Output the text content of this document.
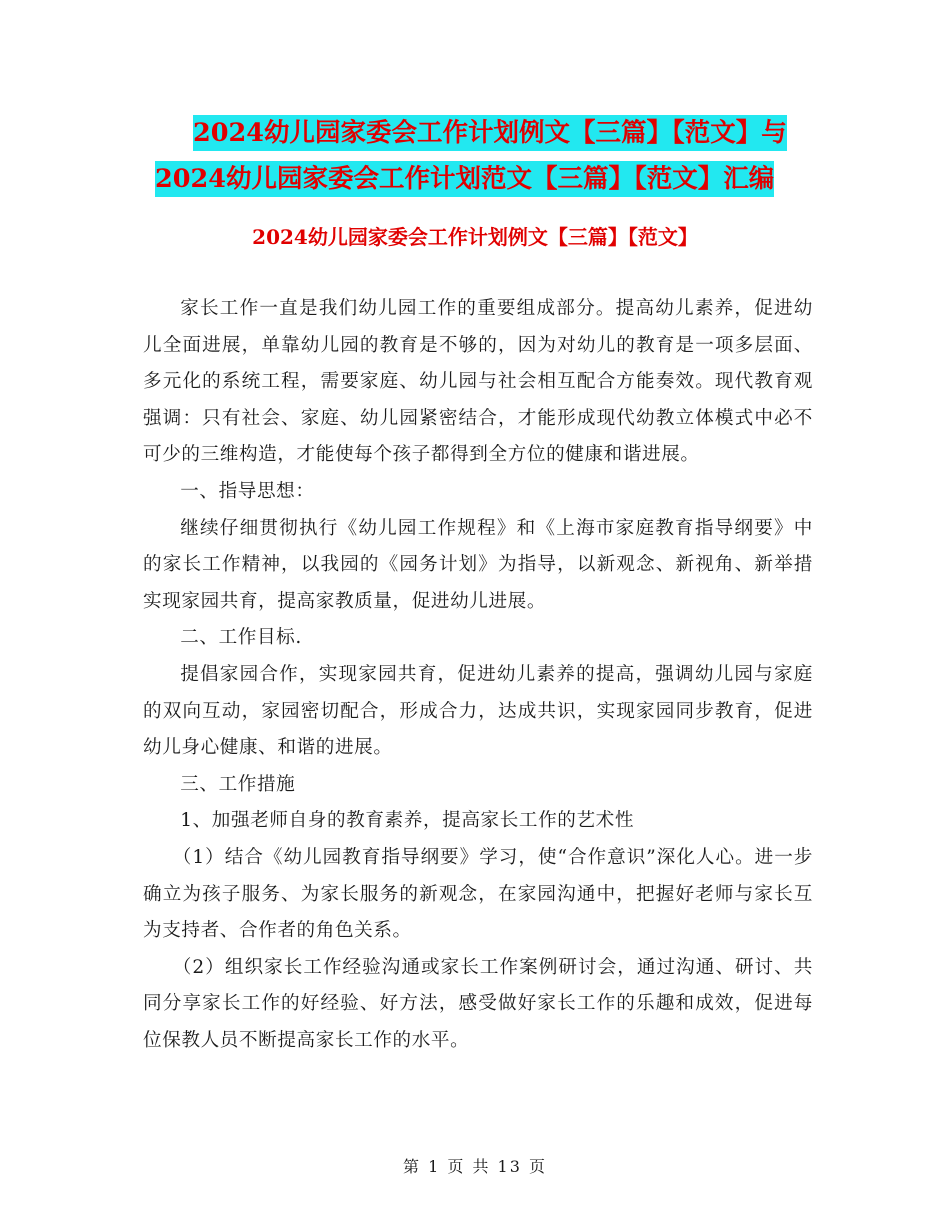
2024幼儿园家委会工作计划例文【三篇】【范文】与
2024幼儿园家委会工作计划范文【三篇】【范文】汇编
2024幼儿园家委会工作计划例文【三篇】【范文】

家长工作一直是我们幼儿园工作的重要组成部分。提高幼儿素养，促进幼儿全面进展，单靠幼儿园的教育是不够的，因为对幼儿的教育是一项多层面、多元化的系统工程，需要家庭、幼儿园与社会相互配合方能奏效。现代教育观强调：只有社会、家庭、幼儿园紧密结合，才能形成现代幼教立体模式中必不可少的三维构造，才能使每个孩子都得到全方位的健康和谐进展。

一、指导思想：

继续仔细贯彻执行《幼儿园工作规程》和《上海市家庭教育指导纲要》中的家长工作精神，以我园的《园务计划》为指导，以新观念、新视角、新举措实现家园共育，提高家教质量，促进幼儿进展。

二、工作目标.

提倡家园合作，实现家园共育，促进幼儿素养的提高，强调幼儿园与家庭的双向互动，家园密切配合，形成合力，达成共识，实现家园同步教育，促进幼儿身心健康、和谐的进展。

三、工作措施

1、加强老师自身的教育素养，提高家长工作的艺术性

（1）结合《幼儿园教育指导纲要》学习，使“合作意识”深化人心。进一步确立为孩子服务、为家长服务的新观念，在家园沟通中，把握好老师与家长互为支持者、合作者的角色关系。

（2）组织家长工作经验沟通或家长工作案例研讨会，通过沟通、研讨、共同分享家长工作的好经验、好方法，感受做好家长工作的乐趣和成效，促进每位保教人员不断提高家长工作的水平。

第 1 页 共 13 页
